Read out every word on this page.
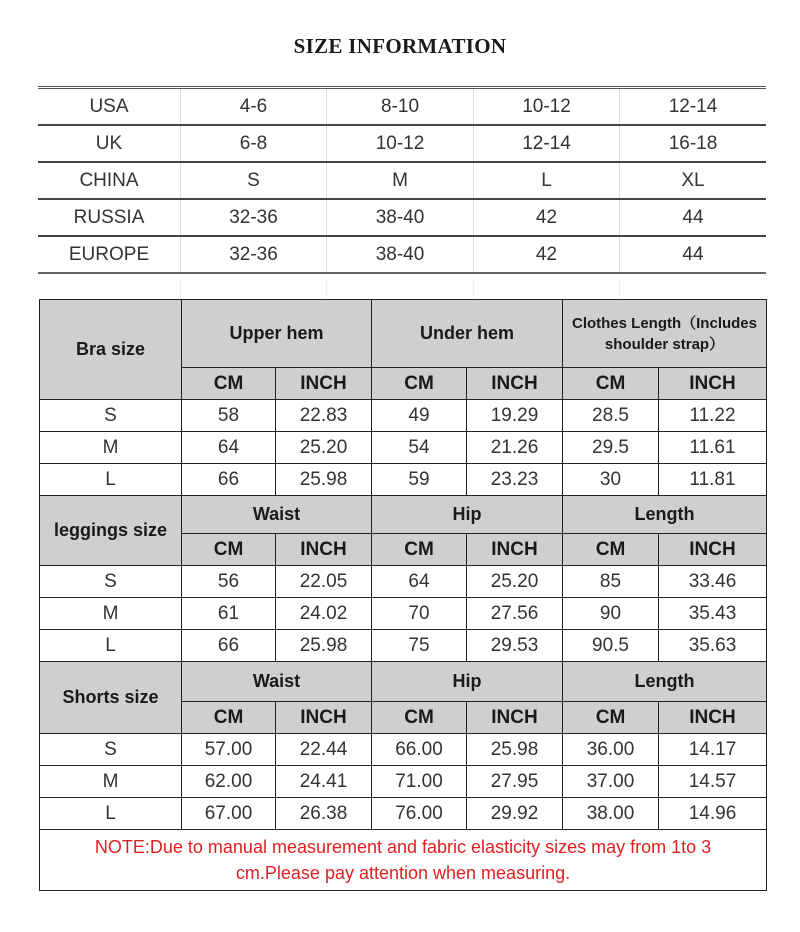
SIZE INFORMATION
USA	4-6	8-10	10-12	12-14
UK	6-8	10-12	12-14	16-18
CHINA	S	M	L	XL
RUSSIA	32-36	38-40	42	44
EUROPE	32-36	38-40	42	44
Bra size	Upper hem		Under hem		Clothes Length（Includes shoulder strap）	
	CM	INCH	CM	INCH	CM	INCH
S	58	22.83	49	19.29	28.5	11.22
M	64	25.20	54	21.26	29.5	11.61
L	66	25.98	59	23.23	30	11.81
leggings size	Waist		Hip		Length	
	CM	INCH	CM	INCH	CM	INCH
S	56	22.05	64	25.20	85	33.46
M	61	24.02	70	27.56	90	35.43
L	66	25.98	75	29.53	90.5	35.63
Shorts size	Waist		Hip		Length	
	CM	INCH	CM	INCH	CM	INCH
S	57.00	22.44	66.00	25.98	36.00	14.17
M	62.00	24.41	71.00	27.95	37.00	14.57
L	67.00	26.38	76.00	29.92	38.00	14.96
NOTE:Due to manual measurement and fabric elasticity sizes may from 1to 3 cm.Please pay attention when measuring.						
